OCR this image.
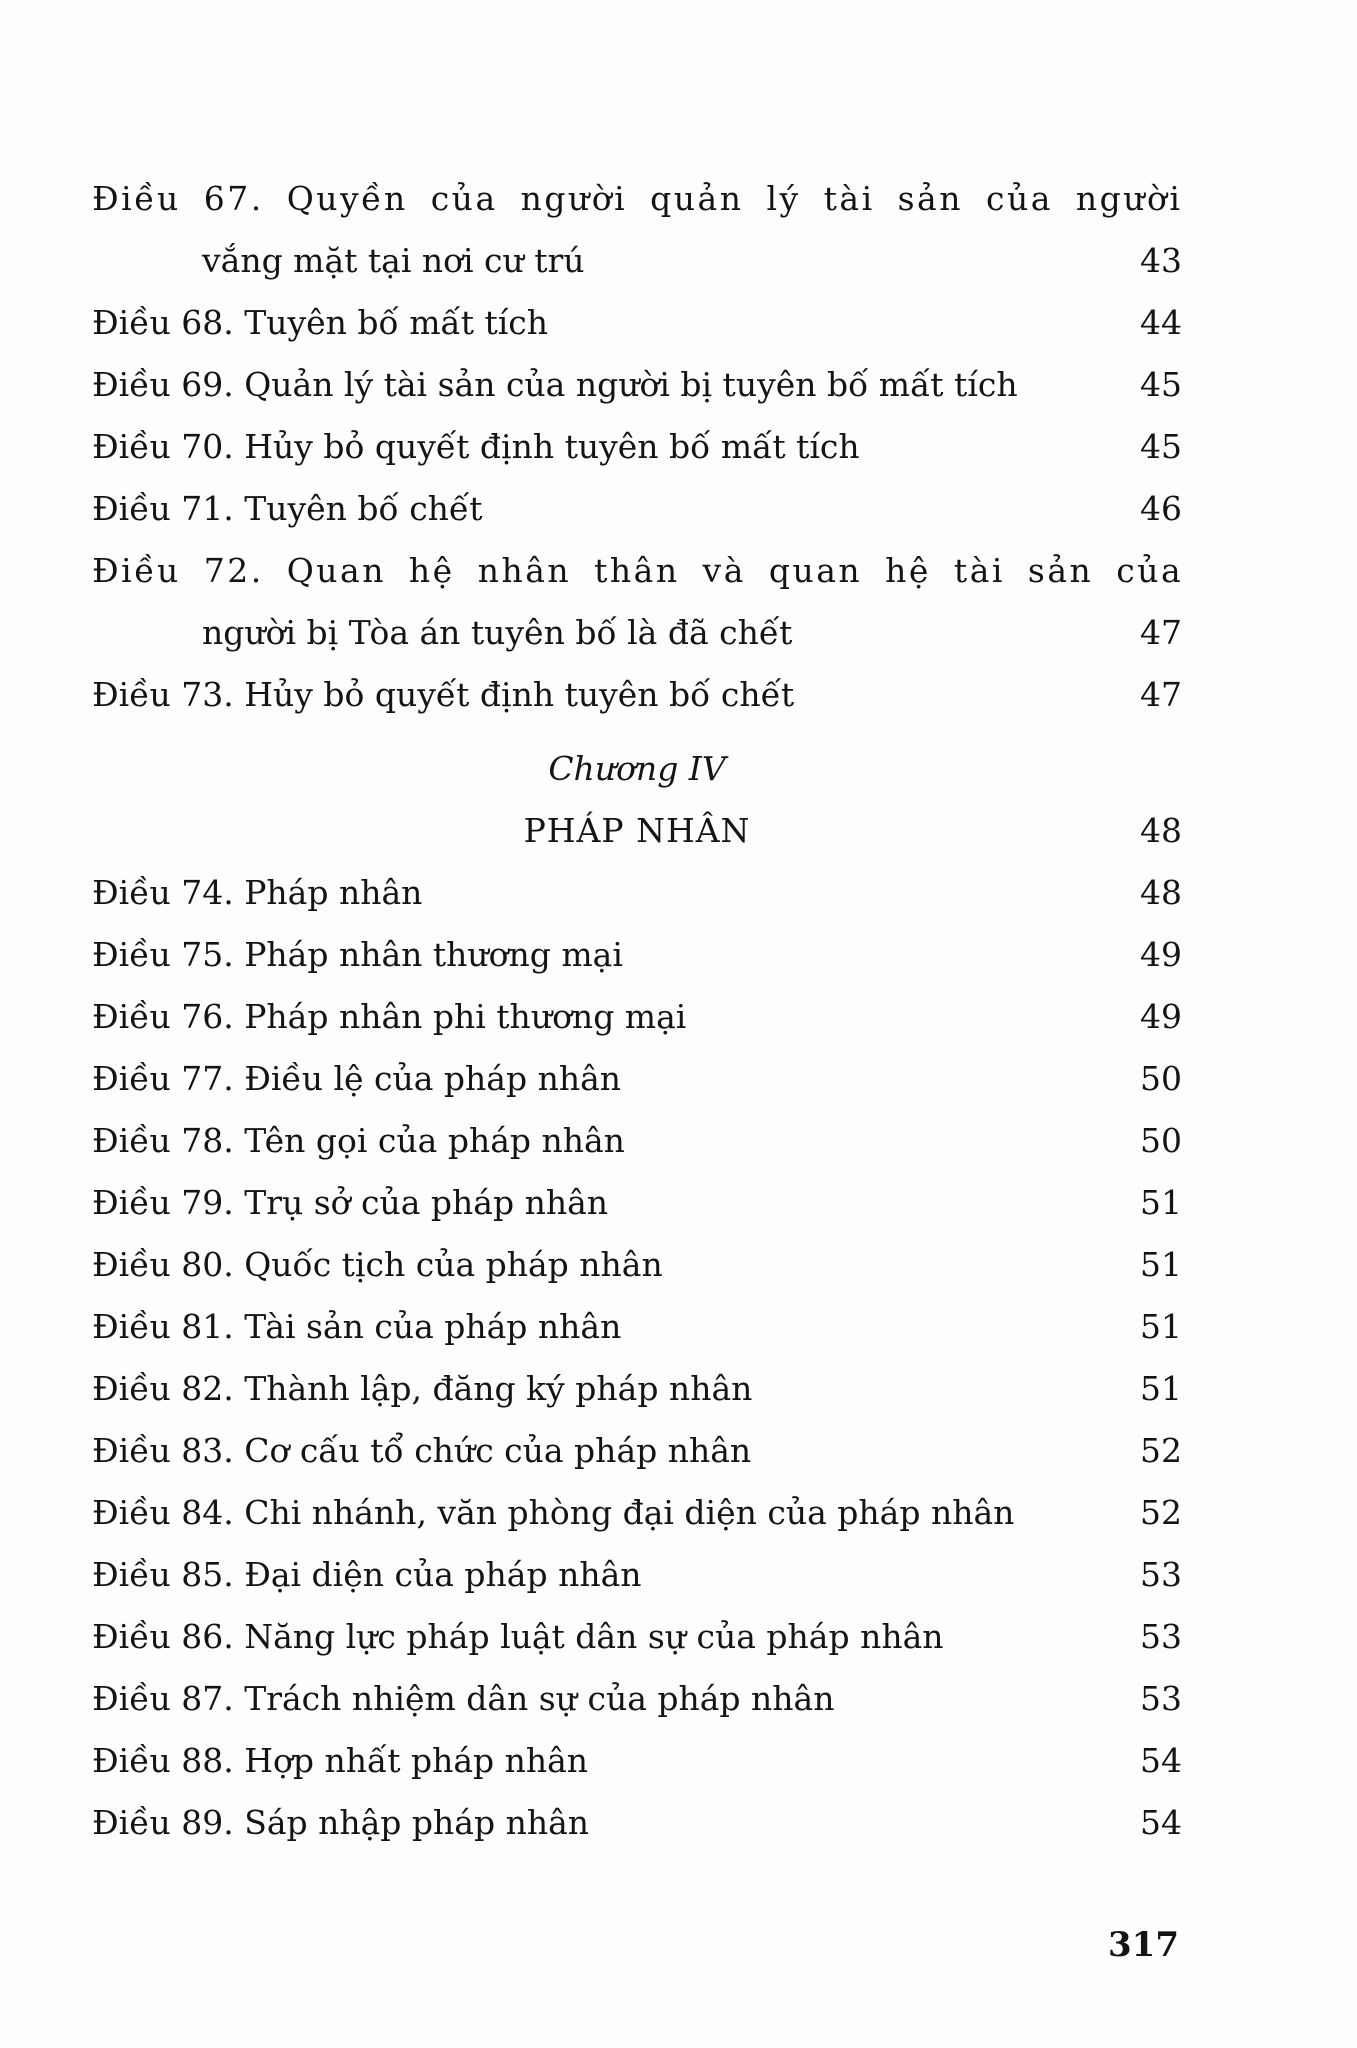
Điều 67. Quyền của người quản lý tài sản của người
vắng mặt tại nơi cư trú	43
Điều 68. Tuyên bố mất tích	44
Điều 69. Quản lý tài sản của người bị tuyên bố mất tích	45
Điều 70. Hủy bỏ quyết định tuyên bố mất tích	45
Điều 71. Tuyên bố chết	46
Điều 72. Quan hệ nhân thân và quan hệ tài sản của
người bị Tòa án tuyên bố là đã chết	47
Điều 73. Hủy bỏ quyết định tuyên bố chết	47
Chương IV
PHÁP NHÂN	48
Điều 74. Pháp nhân	48
Điều 75. Pháp nhân thương mại	49
Điều 76. Pháp nhân phi thương mại	49
Điều 77. Điều lệ của pháp nhân	50
Điều 78. Tên gọi của pháp nhân	50
Điều 79. Trụ sở của pháp nhân	51
Điều 80. Quốc tịch của pháp nhân	51
Điều 81. Tài sản của pháp nhân	51
Điều 82. Thành lập, đăng ký pháp nhân	51
Điều 83. Cơ cấu tổ chức của pháp nhân	52
Điều 84. Chi nhánh, văn phòng đại diện của pháp nhân	52
Điều 85. Đại diện của pháp nhân	53
Điều 86. Năng lực pháp luật dân sự của pháp nhân	53
Điều 87. Trách nhiệm dân sự của pháp nhân	53
Điều 88. Hợp nhất pháp nhân	54
Điều 89. Sáp nhập pháp nhân	54
317
